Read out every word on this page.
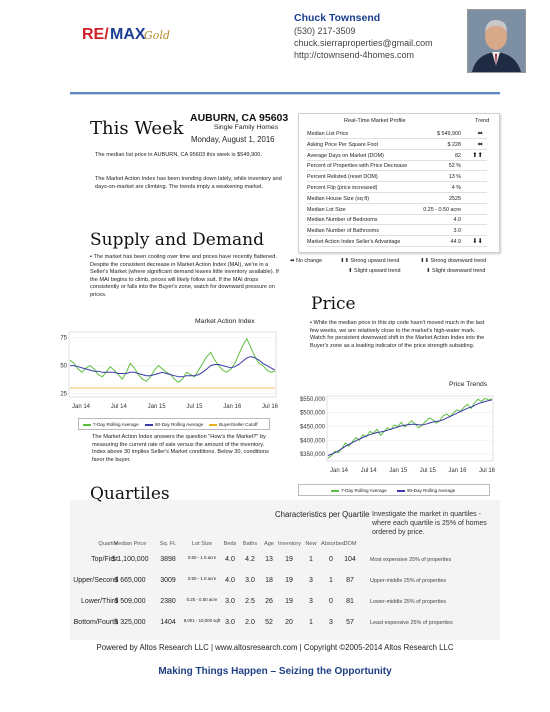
RE/ MAX
Gold
Chuck Townsend
(530) 217-3509
chuck.sierraproperties@gmail.com
http://ctownsend-4homes.com
This Week AUBURN, CA 95603
Single Family Homes
Monday, August 1, 2016
The median list price in AUBURN, CA 95603 this week is $549,900.
The Market Action Index has been trending down lately, while inventory and days-on-market are climbing. The trends imply a weakening market.
Real-Time Market Profile	Trend
Median List Price	$ 549,900	⬌
Asking Price Per Square Foot	$ 228	⬌
Average Days on Market (DOM)	82 ⬆⬆
Percent of Properties with Price Decrease	52 %
Percent Relisted (reset DOM)	13 %
Percent Flip (price increased)	4 %
Median House Size (sq ft)	2525
Median Lot Size	0.25 - 0.50 acre
Median Number of Bedrooms	4.0
Median Number of Bathrooms	3.0
Market Action Index Seller's Advantage	44.9 ⬇⬇
⬌ No change	⬆⬆ Strong upward trend	⬇⬇ Strong downward trend
⬆ Slight upward trend	⬇ Slight downward trend
Supply and Demand
▪ The market has been cooling over time and prices have recently flattened. Despite the consistent decrease in Market Action Index (MAI), we're in a Seller's Market (where significant demand leaves little inventory available). If the MAI begins to climb, prices will likely follow suit. If the MAI drops consistently or falls into the Buyer's zone, watch for downward pressure on prices.
Market Action Index
25
50
75
Jan 14	Jul 14	Jan 15	Jul 15	Jan 16	Jul 16
7-Day Rolling Average	90-Day Rolling Average	Buyer/Seller Cutoff
The Market Action Index answers the question "How's the Market?" by measuring the current rate of sale versus the amount of the inventory. Index above 30 implies Seller's Market conditions. Below 30, conditions favor the buyer.
Price
▪ While the median price in this zip code hasn't moved much in the last few weeks, we are relatively close to the market's high-water mark. Watch for persistent downward shift in the Market Action Index into the Buyer's zone as a leading indicator of the price strength subsiding.
Price Trends
$350,000
$400,000
$450,000
$500,000
$550,000
Jan 14 Jul 14 Jan 15 Jul 15 Jan 16 Jul 16
7-Day Rolling Average	90-Day Rolling Average
Quartiles
Characteristics per Quartile Investigate the market in quartiles - where each quartile is 25% of homes ordered by price.
Quartile
Median Price	Sq. Ft.	Lot Size	Beds	Baths	Age Inventory New Absorbed
DOM
Top/First
$ 1,100,000	3898	0.50 - 1.0 acre	4.0	4.2	13	19	1	0	104	Most expensive 25% of properties
Upper/Second
$ 665,000	3009	0.50 - 1.0 acre	4.0	3.0	18	19	3	1	87	Upper-middle 25% of properties
Lower/Third
$ 509,000	2380	0.25 - 0.50 acre	3.0	2.5	26	19	3	0	81	Lower-middle 25% of properties
Bottom/Fourth
$ 325,000	1404	8,001 - 10,000 sqft 3.0	2.0	52	20	1	3	57	Least expensive 25% of properties
Powered by Altos Research LLC | www.altosresearch.com | Copyright ©2005-2014 Altos Research LLC
Making Things Happen – Seizing the Opportunity
